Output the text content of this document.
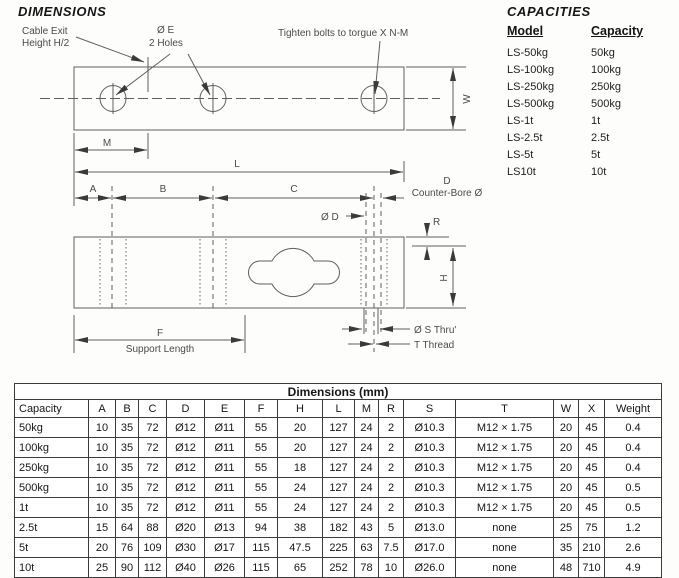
DIMENSIONS	CAPACITIES
Cable Exit
Height H/2
Ø E
2 Holes
Tighten bolts to torgue X N-M
W
M
L
A	B	C
Ø D
D
Counter-Bore Ø
R
H
F
Support Length
Ø S Thru'
T Thread
Model	Capacity
LS-50kg	50kg
LS-100kg	100kg
LS-250kg	250kg
LS-500kg	500kg
LS-1t	1t
LS-2.5t	2.5t
LS-5t	5t
LS10t	10t
Dimensions (mm)															
Capacity	A	B	C	D	E	F	H	L	M	R	S	T	W	X	Weight
50kg	10	35	72	Ø12	Ø11	55	20	127	24	2	Ø10.3	M12 × 1.75	20	45	0.4
100kg	10	35	72	Ø12	Ø11	55	20	127	24	2	Ø10.3	M12 × 1.75	20	45	0.4
250kg	10	35	72	Ø12	Ø11	55	18	127	24	2	Ø10.3	M12 × 1.75	20	45	0.4
500kg	10	35	72	Ø12	Ø11	55	24	127	24	2	Ø10.3	M12 × 1.75	20	45	0.5
1t	10	35	72	Ø12	Ø11	55	24	127	24	2	Ø10.3	M12 × 1.75	20	45	0.5
2.5t	15	64	88	Ø20	Ø13	94	38	182	43	5	Ø13.0	none	25	75	1.2
5t	20	76	109	Ø30	Ø17	115	47.5	225	63	7.5	Ø17.0	none	35	210	2.6
10t	25	90	112	Ø40	Ø26	115	65	252	78	10	Ø26.0	none	48	710	4.9
